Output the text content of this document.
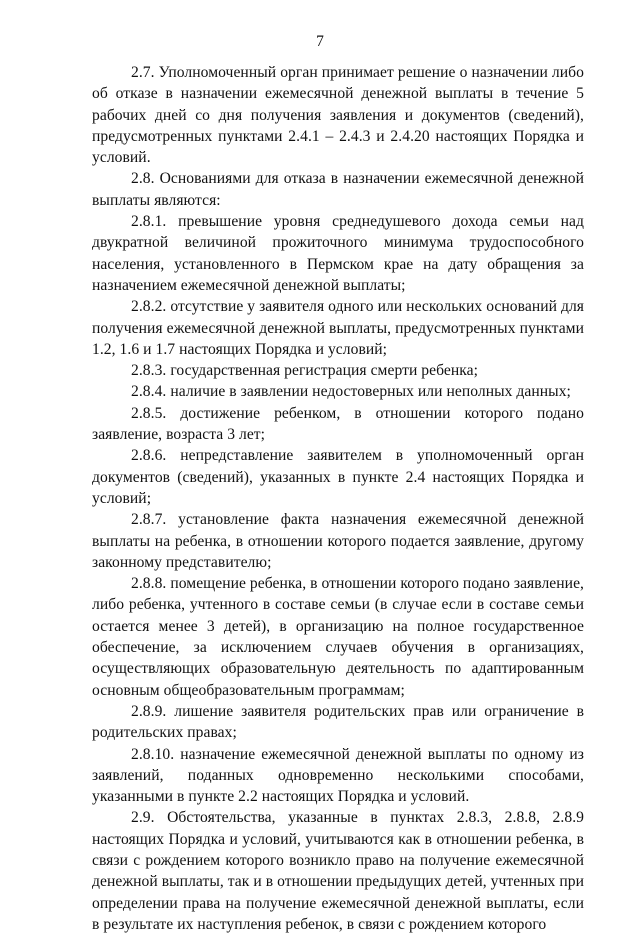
7

2.7. Уполномоченный орган принимает решение о назначении либо об отказе в назначении ежемесячной денежной выплаты в течение 5 рабочих дней со дня получения заявления и документов (сведений), предусмотренных пунктами 2.4.1 – 2.4.3 и 2.4.20 настоящих Порядка и условий.

2.8. Основаниями для отказа в назначении ежемесячной денежной выплаты являются:

2.8.1. превышение уровня среднедушевого дохода семьи над двукратной величиной прожиточного минимума трудоспособного населения, установленного в Пермском крае на дату обращения за назначением ежемесячной денежной выплаты;

2.8.2. отсутствие у заявителя одного или нескольких оснований для получения ежемесячной денежной выплаты, предусмотренных пунктами 1.2, 1.6 и 1.7 настоящих Порядка и условий;

2.8.3. государственная регистрация смерти ребенка;

2.8.4. наличие в заявлении недостоверных или неполных данных;

2.8.5. достижение ребенком, в отношении которого подано заявление, возраста 3 лет;

2.8.6. непредставление заявителем в уполномоченный орган документов (сведений), указанных в пункте 2.4 настоящих Порядка и условий;

2.8.7. установление факта назначения ежемесячной денежной выплаты на ребенка, в отношении которого подается заявление, другому законному представителю;

2.8.8. помещение ребенка, в отношении которого подано заявление, либо ребенка, учтенного в составе семьи (в случае если в составе семьи остается менее 3 детей), в организацию на полное государственное обеспечение, за исключением случаев обучения в организациях, осуществляющих образовательную деятельность по адаптированным основным общеобразовательным программам;

2.8.9. лишение заявителя родительских прав или ограничение в родительских правах;

2.8.10. назначение ежемесячной денежной выплаты по одному из заявлений, поданных одновременно несколькими способами, указанными в пункте 2.2 настоящих Порядка и условий.

2.9. Обстоятельства, указанные в пунктах 2.8.3, 2.8.8, 2.8.9 настоящих Порядка и условий, учитываются как в отношении ребенка, в связи с рождением которого возникло право на получение ежемесячной денежной выплаты, так и в отношении предыдущих детей, учтенных при определении права на получение ежемесячной денежной выплаты, если в результате их наступления ребенок, в связи с рождением которого
